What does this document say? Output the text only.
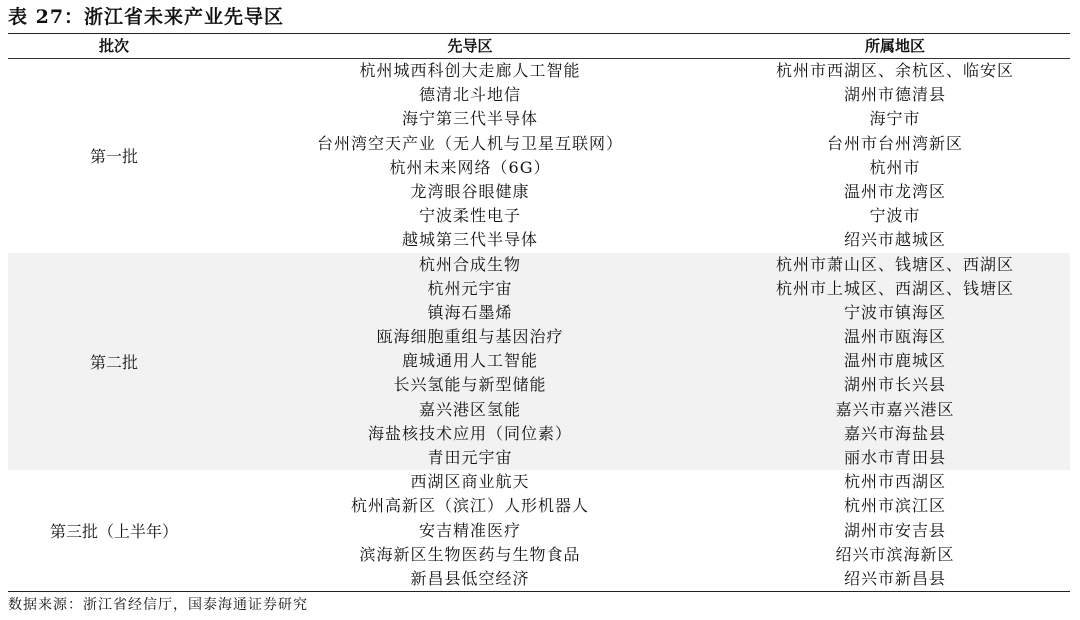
表 27：浙江省未来产业先导区
批次	先导区	所属地区
第一批
杭州城西科创大走廊人工智能	杭州市西湖区、余杭区、临安区
德清北斗地信	湖州市德清县
海宁第三代半导体	海宁市
台州湾空天产业（无人机与卫星互联网）	台州市台州湾新区
杭州未来网络（6G）	杭州市
龙湾眼谷眼健康	温州市龙湾区
宁波柔性电子	宁波市
越城第三代半导体	绍兴市越城区
第二批
杭州合成生物	杭州市萧山区、钱塘区、西湖区
杭州元宇宙	杭州市上城区、西湖区、钱塘区
镇海石墨烯	宁波市镇海区
瓯海细胞重组与基因治疗	温州市瓯海区
鹿城通用人工智能	温州市鹿城区
长兴氢能与新型储能	湖州市长兴县
嘉兴港区氢能	嘉兴市嘉兴港区
海盐核技术应用（同位素）	嘉兴市海盐县
青田元宇宙	丽水市青田县
第三批（上半年）
西湖区商业航天	杭州市西湖区
杭州高新区（滨江）人形机器人	杭州市滨江区
安吉精准医疗	湖州市安吉县
滨海新区生物医药与生物食品	绍兴市滨海新区
新昌县低空经济	绍兴市新昌县
数据来源：浙江省经信厅，国泰海通证券研究
